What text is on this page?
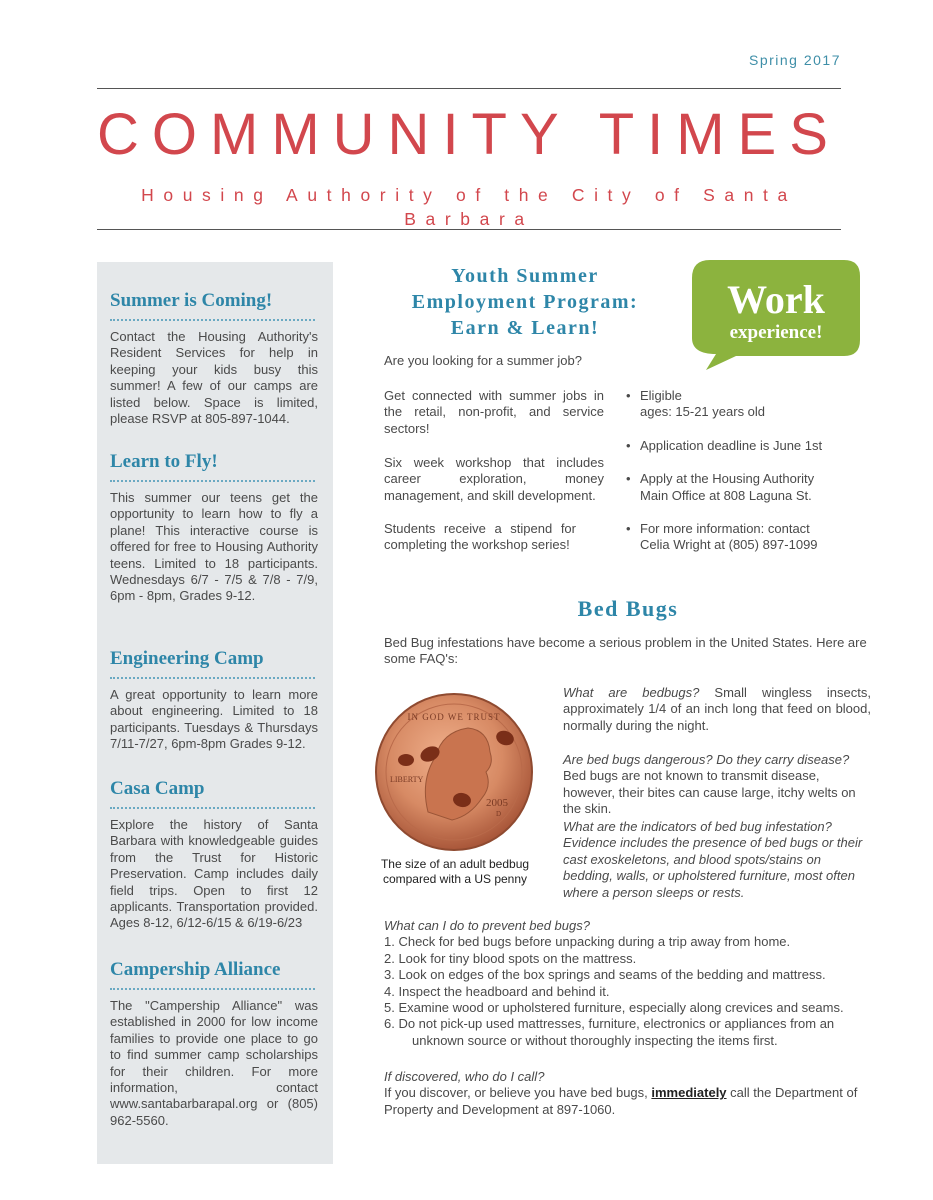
Spring 2017
COMMUNITY TIMES
Housing Authority of the City of Santa Barbara
Summer is Coming!

Contact the Housing Authority's Resident Services for help in keeping your kids busy this summer! A few of our camps are listed below. Space is limited, please RSVP at 805-897-1044.

Learn to Fly!

This summer our teens get the opportunity to learn how to fly a plane! This interactive course is offered for free to Housing Authority teens. Limited to 18 participants. Wednesdays 6/7 - 7/5 & 7/8 - 7/9, 6pm - 8pm, Grades 9-12.

Engineering Camp

A great opportunity to learn more about engineering. Limited to 18 participants. Tuesdays & Thursdays 7/11-7/27, 6pm-8pm Grades 9-12.

Casa Camp

Explore the history of Santa Barbara with knowledgeable guides from the Trust for Historic Preservation. Camp includes daily field trips. Open to first 12 applicants. Transportation provided. Ages 8-12, 6/12-6/15 & 6/19-6/23

Campership Alliance

The "Campership Alliance" was established in 2000 for low income families to provide one place to go to find summer camp scholarships for their children. For more information, contact www.santabarbarapal.org or (805) 962-5560.

Youth Summer
Employment Program:
Earn & Learn!
Work
experience!

Are you looking for a summer job?

Get connected with summer jobs in the retail, non-profit, and service sectors!

Six week workshop that includes career exploration, money management, and skill development.

Students receive a stipend for completing the workshop series!

• Eligible
ages: 15-21 years old
• Application deadline is June 1st
• Apply at the Housing Authority
Main Office at 808 Laguna St.
• For more information: contact
Celia Wright at (805) 897-1099
Bed Bugs

Bed Bug infestations have become a serious problem in the United States. Here are some FAQ's:

IN GOD WE TRUST
LIBERTY
2005
D
The size of an adult bedbug
compared with a US penny

What are bedbugs? Small wingless insects, approximately 1/4 of an inch long that feed on blood, normally during the night.

Are bed bugs dangerous? Do they carry disease? Bed bugs are not known to transmit disease, however, their bites can cause large, itchy welts on the skin.

What are the indicators of bed bug infestation?
Evidence includes the presence of bed bugs or their cast exoskeletons, and blood spots/stains on bedding, walls, or upholstered furniture, most often where a person sleeps or rests.
What can I do to prevent bed bugs?
1. Check for bed bugs before unpacking during a trip away from home.
2. Look for tiny blood spots on the mattress.
3. Look on edges of the box springs and seams of the bedding and mattress.
4. Inspect the headboard and behind it.
5. Examine wood or upholstered furniture, especially along crevices and seams.
6. Do not pick-up used mattresses, furniture, electronics or appliances from an
unknown source or without thoroughly inspecting the items first.
If discovered, who do I call?
If you discover, or believe you have bed bugs, immediately call the Department of Property and Development at 897-1060.
